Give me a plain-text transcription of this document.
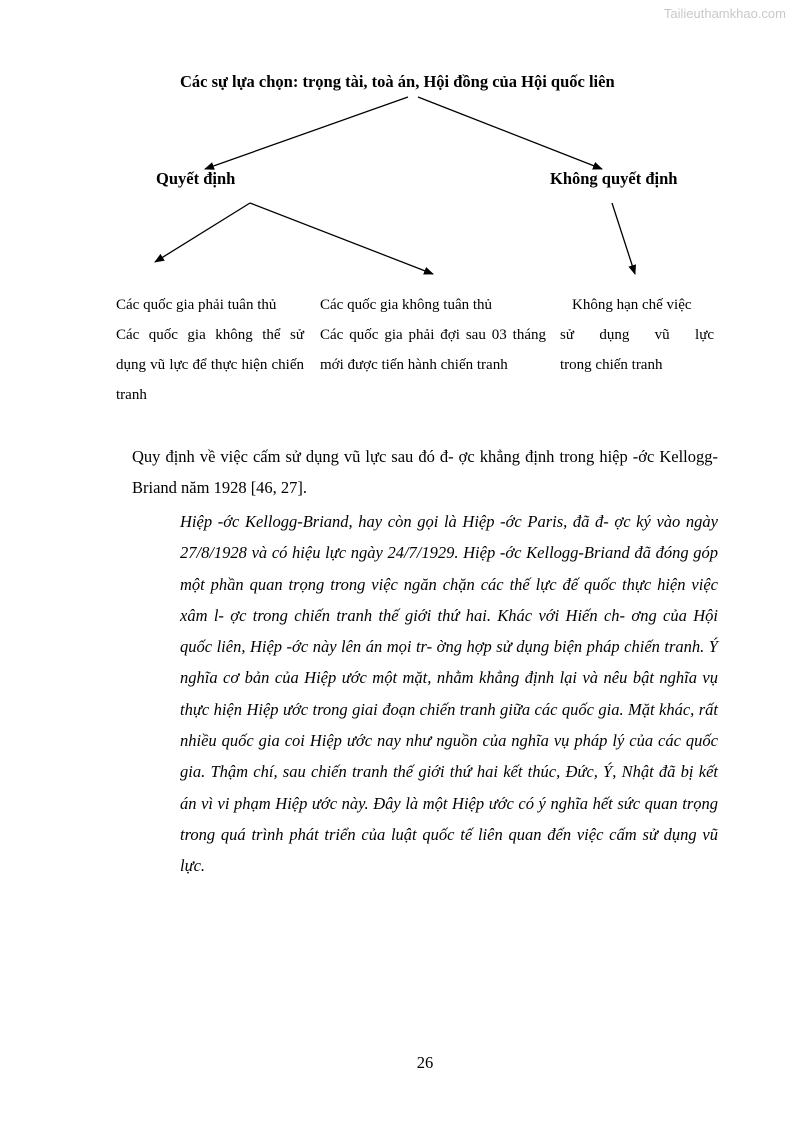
Tailieuthamkhao.com
Các sự lựa chọn: trọng tài, toà án, Hội đồng của Hội quốc liên
Quyết định	Không quyết định

Các quốc gia phải tuân thủ

Các quốc gia không thể sử dụng vũ lực để thực hiện chiến tranh

Các quốc gia không tuân thủ

Các quốc gia phải đợi sau 03 tháng mới được tiến hành chiến tranh

Không hạn chế việc

sử dụng vũ lực

trong chiến tranh

Quy định về việc cấm sử dụng vũ lực sau đó đ- ợc khẳng định trong hiệp -ớc Kellogg-Briand năm 1928 [46, 27].

Hiệp -ớc Kellogg-Briand, hay còn gọi là Hiệp -ớc Paris, đã đ- ợc ký vào ngày 27/8/1928 và có hiệu lực ngày 24/7/1929. Hiệp -ớc Kellogg-Briand đã đóng góp một phần quan trọng trong việc ngăn chặn các thế lực đế quốc thực hiện việc xâm l- ợc trong chiến tranh thế giới thứ hai. Khác với Hiến ch- ơng của Hội quốc liên, Hiệp -ớc này lên án mọi tr- ờng hợp sử dụng biện pháp chiến tranh. Ý nghĩa cơ bản của Hiệp ước một mặt, nhằm khẳng định lại và nêu bật nghĩa vụ thực hiện Hiệp ước trong giai đoạn chiến tranh giữa các quốc gia. Mặt khác, rất nhiều quốc gia coi Hiệp ước nay như nguồn của nghĩa vụ pháp lý của các quốc gia. Thậm chí, sau chiến tranh thế giới thứ hai kết thúc, Đức, Ý, Nhật đã bị kết án vì vi phạm Hiệp ước này. Đây là một Hiệp ước có ý nghĩa hết sức quan trọng trong quá trình phát triển của luật quốc tế liên quan đến việc cấm sử dụng vũ lực.

26
